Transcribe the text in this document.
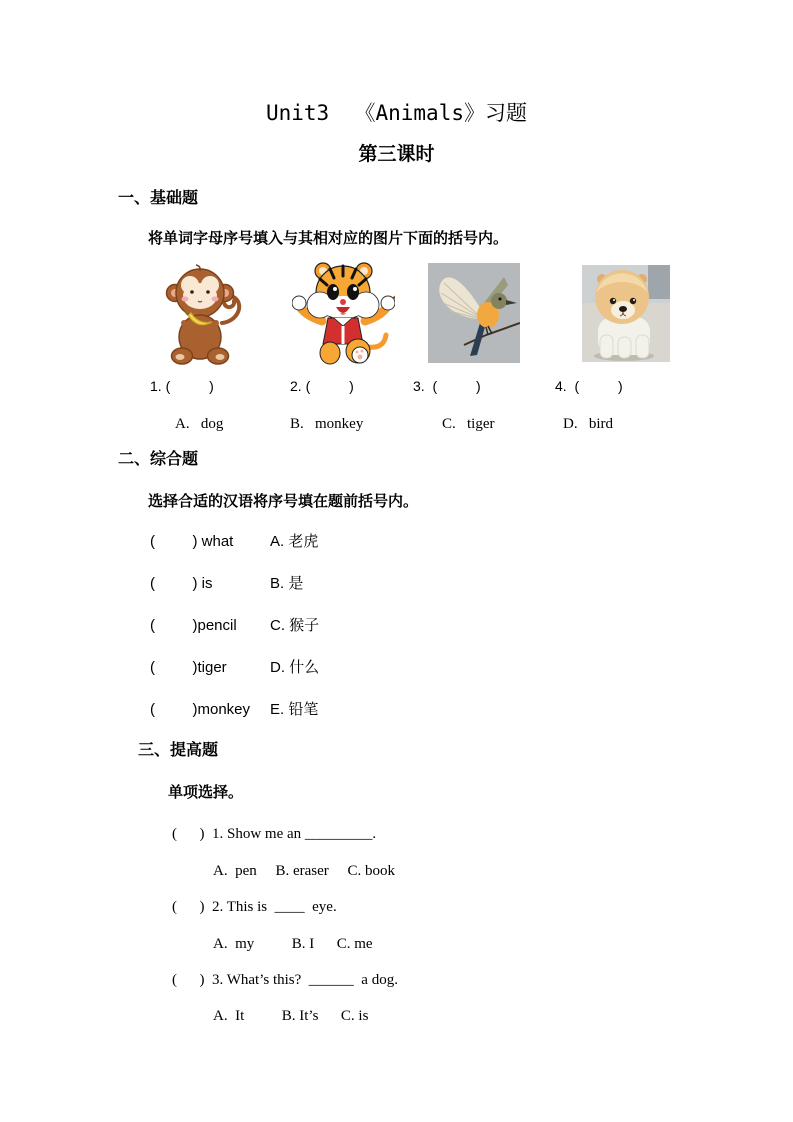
Unit3  《Animals》习题
第三课时
一、基础题
将单词字母序号填入与其相对应的图片下面的括号内。
1. (          )	2. (          )	3.  (          )	4.  (          )
A.   dog	B.   monkey	C.   tiger	D.   bird
二、综合题
选择合适的汉语将序号填在题前括号内。
(         ) what A. 老虎
(         ) is	B. 是
(         )pencil C. 猴子
(         )tiger	D. 什么
(         )monkey E. 铅笔
三、提高题
单项选择。
(      )  1. Show me an _________.
A.  pen     B. eraser     C. book
(      )  2. This is  ____  eye.
A.  my          B. I      C. me
(      )  3. What’s this?  ______  a dog.
A.  It          B. It’s      C. is
